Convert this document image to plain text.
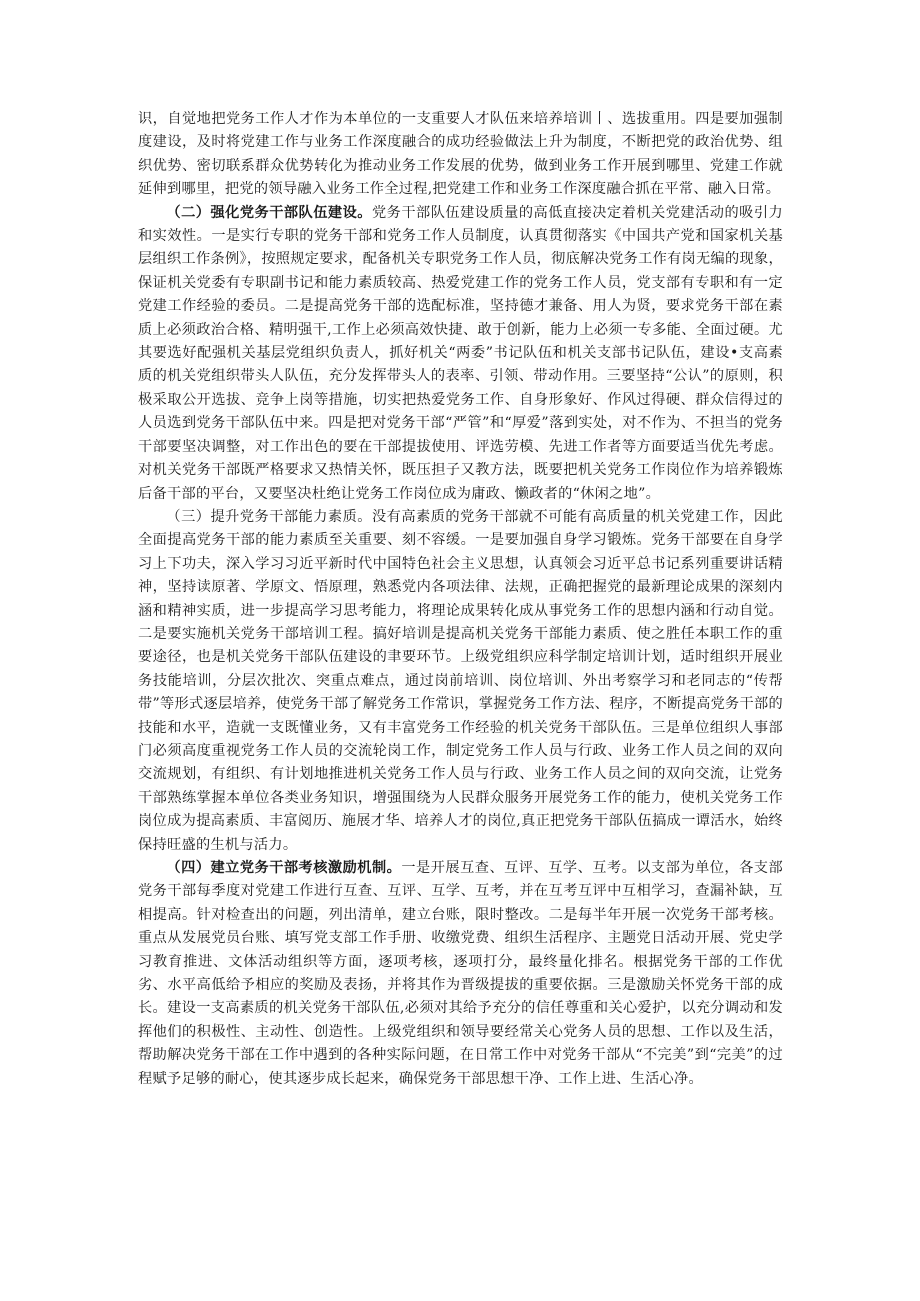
识，自觉地把党务工作人才作为本单位的一支重要人才队伍来培养培训丨、选拔重用。四是要加强制度建设，及时将党建工作与业务工作深度融合的成功经验做法上升为制度，不断把党的政治优势、组织优势、密切联系群众优势转化为推动业务工作发展的优势，做到业务工作开展到哪里、党建工作就延伸到哪里，把党的领导融入业务工作全过程,把党建工作和业务工作深度融合抓在平常、融入日常。

（二）强化党务干部队伍建设。党务干部队伍建设质量的高低直接决定着机关党建活动的吸引力和实效性。一是实行专职的党务干部和党务工作人员制度，认真贯彻落实《中国共产党和国家机关基层组织工作条例》，按照规定要求，配备机关专职党务工作人员，彻底解决党务工作有岗无编的现象，保证机关党委有专职副书记和能力素质较高、热爱党建工作的党务工作人员，党支部有专职和有一定党建工作经验的委员。二是提高党务干部的选配标准，坚持德才兼备、用人为贤，要求党务干部在素质上必须政治合格、精明强干,工作上必须高效快捷、敢于创新，能力上必须一专多能、全面过硬。尤其要选好配强机关基层党组织负责人，抓好机关“两委”书记队伍和机关支部书记队伍，建设•支高素质的机关党组织带头人队伍，充分发挥带头人的表率、引领、带动作用。三要坚持“公认”的原则，积极采取公开选拔、竞争上岗等措施，切实把热爱党务工作、自身形象好、作风过得硬、群众信得过的人员选到党务干部队伍中来。四是把对党务干部“严管”和“厚爱”落到实处，对不作为、不担当的党务干部要坚决调整，对工作出色的要在干部提拔使用、评选劳模、先进工作者等方面要适当优先考虑。对机关党务干部既严格要求又热情关怀，既压担子又教方法，既要把机关党务工作岗位作为培养锻炼后备干部的平台，又要坚决杜绝让党务工作岗位成为庸政、懒政者的“休闲之地”。

（三）提升党务干部能力素质。没有高素质的党务干部就不可能有高质量的机关党建工作，因此全面提高党务干部的能力素质至关重要、刻不容缓。一是要加强自身学习锻炼。党务干部要在自身学习上下功夫，深入学习习近平新时代中国特色社会主义思想，认真领会习近平总书记系列重要讲话精神，坚持读原著、学原文、悟原理，熟悉党内各项法律、法规，正确把握党的最新理论成果的深刻内涵和精神实质，进一步提高学习思考能力，将理论成果转化成从事党务工作的思想内涵和行动自觉。二是要实施机关党务干部培训工程。搞好培训是提高机关党务干部能力素质、使之胜任本职工作的重要途径，也是机关党务干部队伍建设的聿要环节。上级党组织应科学制定培训计划，适时组织开展业务技能培训，分层次批次、突重点难点，通过岗前培训、岗位培训、外出考察学习和老同志的“传帮带”等形式逐层培养，使党务干部了解党务工作常识，掌握党务工作方法、程序，不断提高党务干部的技能和水平，造就一支既懂业务，又有丰富党务工作经验的机关党务干部队伍。三是单位组织人事部门必须高度重视党务工作人员的交流轮岗工作，制定党务工作人员与行政、业务工作人员之间的双向交流规划，有组织、有计划地推进机关党务工作人员与行政、业务工作人员之间的双向交流，让党务干部熟练掌握本单位各类业务知识，增强围绕为人民群众服务开展党务工作的能力，使机关党务工作岗位成为提高素质、丰富阅历、施展才华、培养人才的岗位,真正把党务干部队伍搞成一谭活水，始终保持旺盛的生机与活力。

（四）建立党务干部考核激励机制。一是开展互查、互评、互学、互考。以支部为单位，各支部党务干部每季度对党建工作进行互查、互评、互学、互考，并在互考互评中互相学习，查漏补缺，互相提高。针对检查出的问题，列出清单，建立台账，限时整改。二是每半年开展一次党务干部考核。重点从发展党员台账、填写党支部工作手册、收缴党费、组织生活程序、主题党日活动开展、党史学习教育推进、文体活动组织等方面，逐项考核，逐项打分，最终量化排名。根据党务干部的工作优劣、水平高低给予相应的奖励及表扬，并将其作为晋级提拔的重要依据。三是激励关怀党务干部的成长。建设一支高素质的机关党务干部队伍,必须对其给予充分的信任尊重和关心爱护，以充分调动和发挥他们的积极性、主动性、创造性。上级党组织和领导要经常关心党务人员的思想、工作以及生活，帮助解决党务干部在工作中遇到的各种实际问题，在日常工作中对党务干部从“不完美”到“完美”的过程赋予足够的耐心，使其逐步成长起来，确保党务干部思想干净、工作上进、生活心净。
